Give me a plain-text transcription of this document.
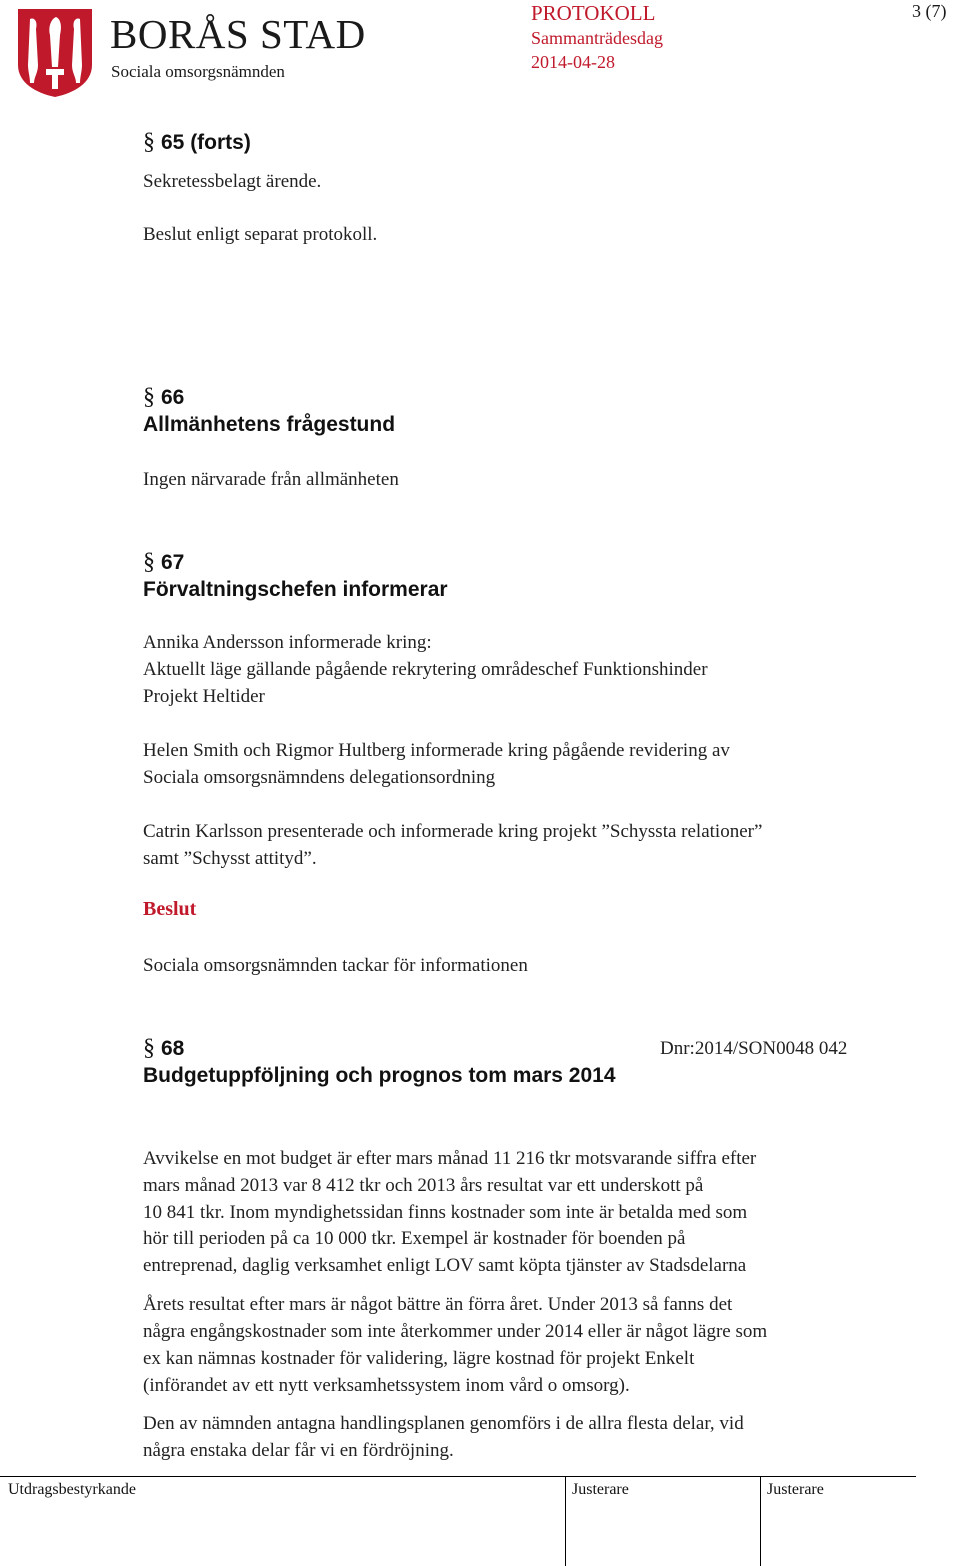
BORÅS STAD
Sociala omsorgsnämnden
PROTOKOLL
Sammanträdesdag
2014-04-28
3 (7)
§ 65 (forts)
Sekretessbelagt ärende.
Beslut enligt separat protokoll.
§ 66
Allmänhetens frågestund
Ingen närvarade från allmänheten
§ 67
Förvaltningschefen informerar
Annika Andersson informerade kring:
Aktuellt läge gällande pågående rekrytering områdeschef Funktionshinder
Projekt Heltider
Helen Smith och Rigmor Hultberg informerade kring pågående revidering av
Sociala omsorgsnämndens delegationsordning
Catrin Karlsson presenterade och informerade kring projekt ”Schyssta relationer”
samt ”Schysst attityd”.
Beslut
Sociala omsorgsnämnden tackar för informationen
§ 68	Dnr:2014/SON0048 042
Budgetuppföljning och prognos tom mars 2014
Avvikelse en mot budget är efter mars månad 11 216 tkr motsvarande siffra efter
mars månad 2013 var 8 412 tkr och 2013 års resultat var ett underskott på
10 841 tkr. Inom myndighetssidan finns kostnader som inte är betalda med som
hör till perioden på ca 10 000 tkr. Exempel är kostnader för boenden på
entreprenad, daglig verksamhet enligt LOV samt köpta tjänster av Stadsdelarna
Årets resultat efter mars är något bättre än förra året. Under 2013 så fanns det
några engångskostnader som inte återkommer under 2014 eller är något lägre som
ex kan nämnas kostnader för validering, lägre kostnad för projekt Enkelt
(införandet av ett nytt verksamhetssystem inom vård o omsorg).
Den av nämnden antagna handlingsplanen genomförs i de allra flesta delar, vid
några enstaka delar får vi en fördröjning.
Utdragsbestyrkande	Justerare	Justerare
